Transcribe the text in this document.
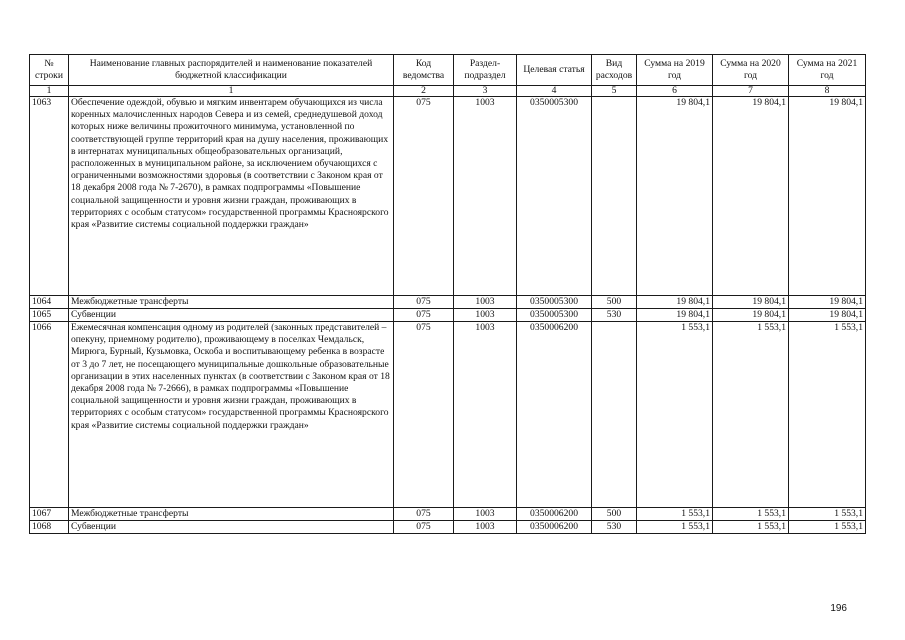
№ строки	Наименование главных распорядителей и наименование показателей бюджетной классификации	Код ведомства	Раздел-подраздел	Целевая статья	Вид расходов	Сумма на 2019 год	Сумма на 2020 год	Сумма на 2021 год
1	1	2	3	4	5	6	7	8
1063	Обеспечение одеждой, обувью и мягким инвентарем обучающихся из числа коренных малочисленных народов Севера и из семей, среднедушевой доход которых ниже величины прожиточного минимума, установленной по соответствующей группе территорий края на душу населения, проживающих в интернатах муниципальных общеобразовательных организаций, расположенных в муниципальном районе, за исключением обучающихся с ограниченными возможностями здоровья (в соответствии с Законом края от 18 декабря 2008 года № 7-2670), в рамках подпрограммы «Повышение социальной защищенности и уровня жизни граждан, проживающих в территориях с особым статусом» государственной программы Красноярского края «Развитие системы социальной поддержки граждан»	075	1003	0350005300		19 804,1	19 804,1	19 804,1
1064	Межбюджетные трансферты	075	1003	0350005300	500	19 804,1	19 804,1	19 804,1
1065	Субвенции	075	1003	0350005300	530	19 804,1	19 804,1	19 804,1
1066	Ежемесячная компенсация одному из родителей (законных представителей – опекуну, приемному родителю), проживающему в поселках Чемдальск, Мирюга, Бурный, Кузьмовка, Оскоба и воспитывающему ребенка в возрасте от 3 до 7 лет, не посещающего муниципальные дошкольные образовательные организации в этих населенных пунктах (в соответствии с Законом края от 18 декабря 2008 года № 7-2666), в рамках подпрограммы «Повышение социальной защищенности и уровня жизни граждан, проживающих в территориях с особым статусом» государственной программы Красноярского края «Развитие системы социальной поддержки граждан»	075	1003	0350006200		1 553,1	1 553,1	1 553,1
1067	Межбюджетные трансферты	075	1003	0350006200	500	1 553,1	1 553,1	1 553,1
1068	Субвенции	075	1003	0350006200	530	1 553,1	1 553,1	1 553,1
196
